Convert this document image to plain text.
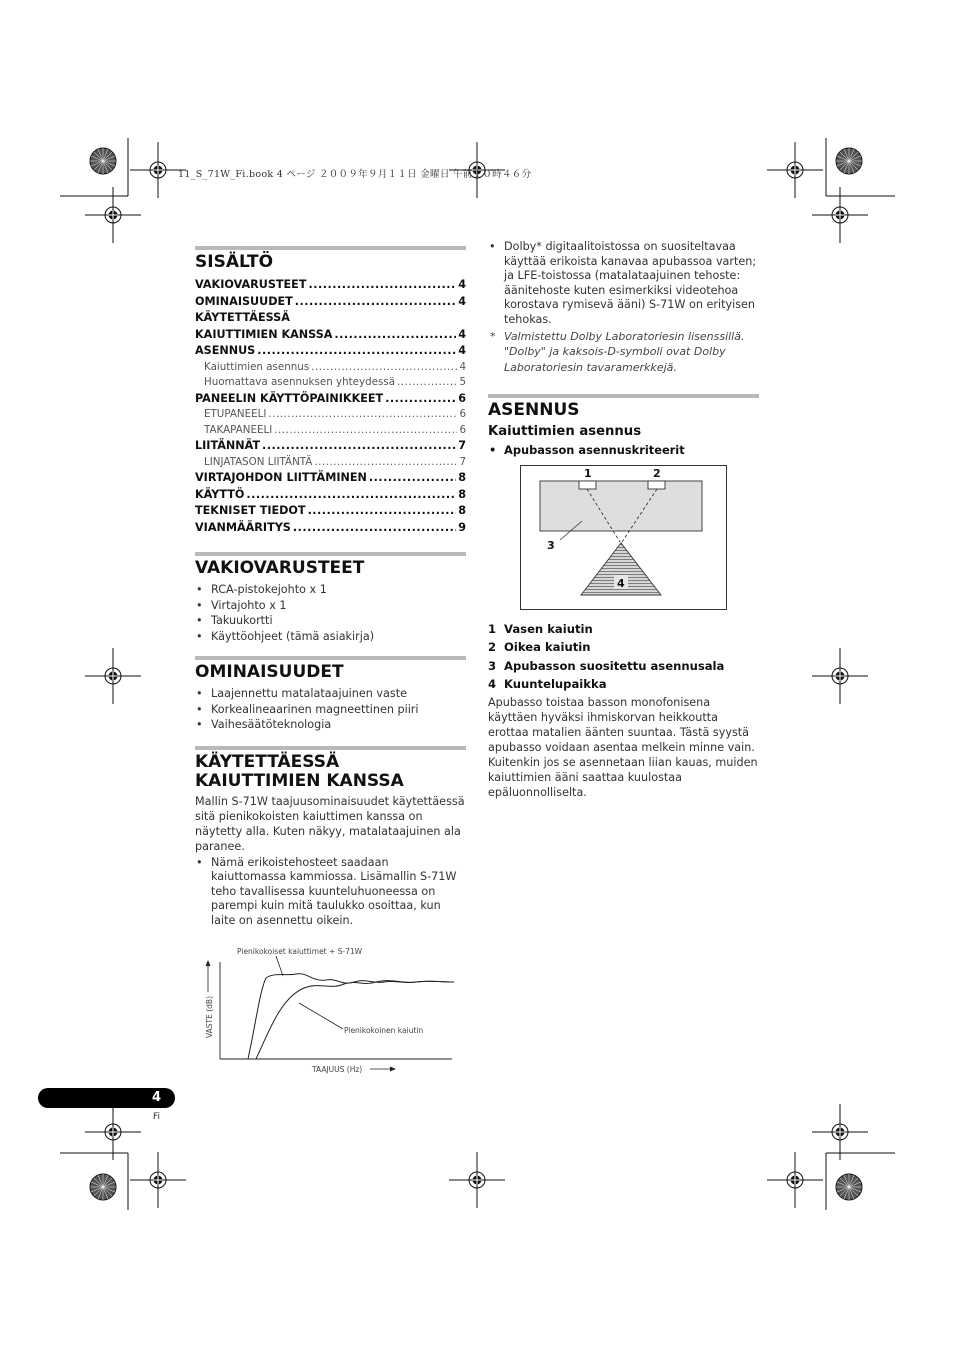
11_S_71W_Fi.book 4 ページ ２００９年９月１１日 金曜日 午前１０時４６分
SISÄLTÖ
VAKIOVARUSTEET .....	4
OMINAISUUDET .....	4
KÄYTETTÄESSÄ
KAIUTTIMIEN KANSSA .....	4
ASENNUS .....	4
Kaiuttimien asennus .....	4
Huomattava asennuksen yhteydessä .....	5
PANEELIN KÄYTTÖPAINIKKEET .....	6
ETUPANEELI .....	6
TAKAPANEELI .....	6
LIITÄNNÄT .....	7
LINJATASON LIITÄNTÄ .....	7
VIRTAJOHDON LIITTÄMINEN .....	8
KÄYTTÖ .....	8
TEKNISET TIEDOT .....	8
VIANMÄÄRITYS .....	9
VAKIOVARUSTEET
• RCA-pistokejohto x 1
• Virtajohto x 1
• Takuukortti
• Käyttöohjeet (tämä asiakirja)
OMINAISUUDET
• Laajennettu matalataajuinen vaste
• Korkealineaarinen magneettinen piiri
• Vaihesäätöteknologia
KÄYTETTÄESSÄ
KAIUTTIMIEN KANSSA

Mallin S-71W taajuusominaisuudet käytettäessä sitä pienikokoisten kaiuttimen kanssa on näytetty alla. Kuten näkyy, matalataajuinen ala paranee.

• Nämä erikoistehosteet saadaan kaiuttomassa kammiossa. Lisämallin S-71W teho tavallisessa kuunteluhuoneessa on parempi kuin mitä taulukko osoittaa, kun laite on asennettu oikein.
Pienikokoiset kaiuttimet + S-71W
Pienikokoinen kaiutin
VASTE (dB)
TAAJUUS (Hz)
• Dolby* digitaalitoistossa on suositeltavaa käyttää erikoista kanavaa apubassoa varten; ja LFE-toistossa (matalataajuinen tehoste: äänitehoste kuten esimerkiksi videotehoa korostava rymisevä ääni) S-71W on erityisen tehokas.
* Valmistettu Dolby Laboratoriesin lisenssillä. "Dolby" ja kaksois-D-symboli ovat Dolby Laboratoriesin tavaramerkkejä.
ASENNUS
Kaiuttimien asennus
• Apubasson asennuskriteerit
1	2
4
3
1 Vasen kaiutin
2 Oikea kaiutin
3 Apubasson suositettu asennusala
4 Kuuntelupaikka

Apubasso toistaa basson monofonisena käyttäen hyväksi ihmiskorvan heikkoutta erottaa matalien äänten suuntaa. Tästä syystä apubasso voidaan asentaa melkein minne vain. Kuitenkin jos se asennetaan liian kauas, muiden kaiuttimien ääni saattaa kuulostaa epäluonnolliselta.

4
Fi
